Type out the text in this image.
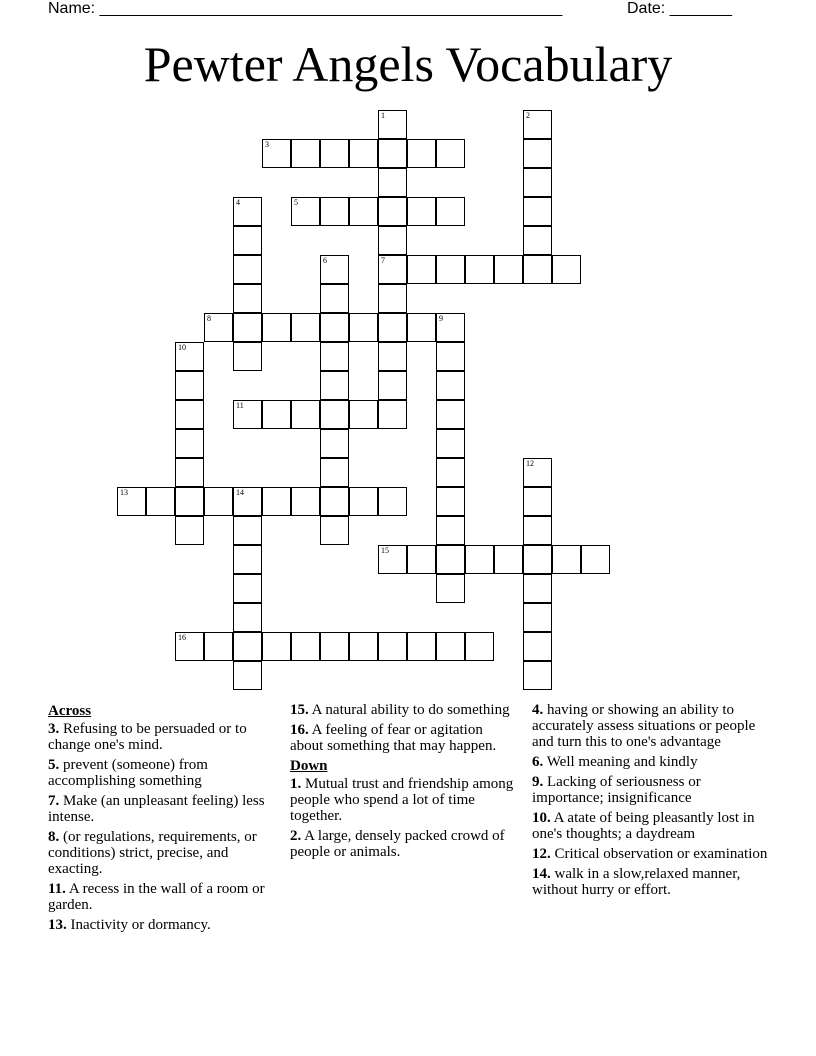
Name: ____________________________________________________	Date: _______
Pewter Angels Vocabulary
1
7
2
3
4	5
6
8	9
10
11
12
13	14
15
16
Across
3. Refusing to be persuaded or to change one's mind.
5. prevent (someone) from accomplishing something
7. Make (an unpleasant feeling) less intense.
8. (or regulations, requirements, or conditions) strict, precise, and exacting.
11. A recess in the wall of a room or garden.
13. Inactivity or dormancy.
15. A natural ability to do something
16. A feeling of fear or agitation about something that may happen.
Down
1. Mutual trust and friendship among people who spend a lot of time together.
2. A large, densely packed crowd of people or animals.
4. having or showing an ability to accurately assess situations or people and turn this to one's advantage
6. Well meaning and kindly
9. Lacking of seriousness or importance; insignificance
10. A atate of being pleasantly lost in one's thoughts; a daydream
12. Critical observation or examination
14. walk in a slow,relaxed manner, without hurry or effort.
